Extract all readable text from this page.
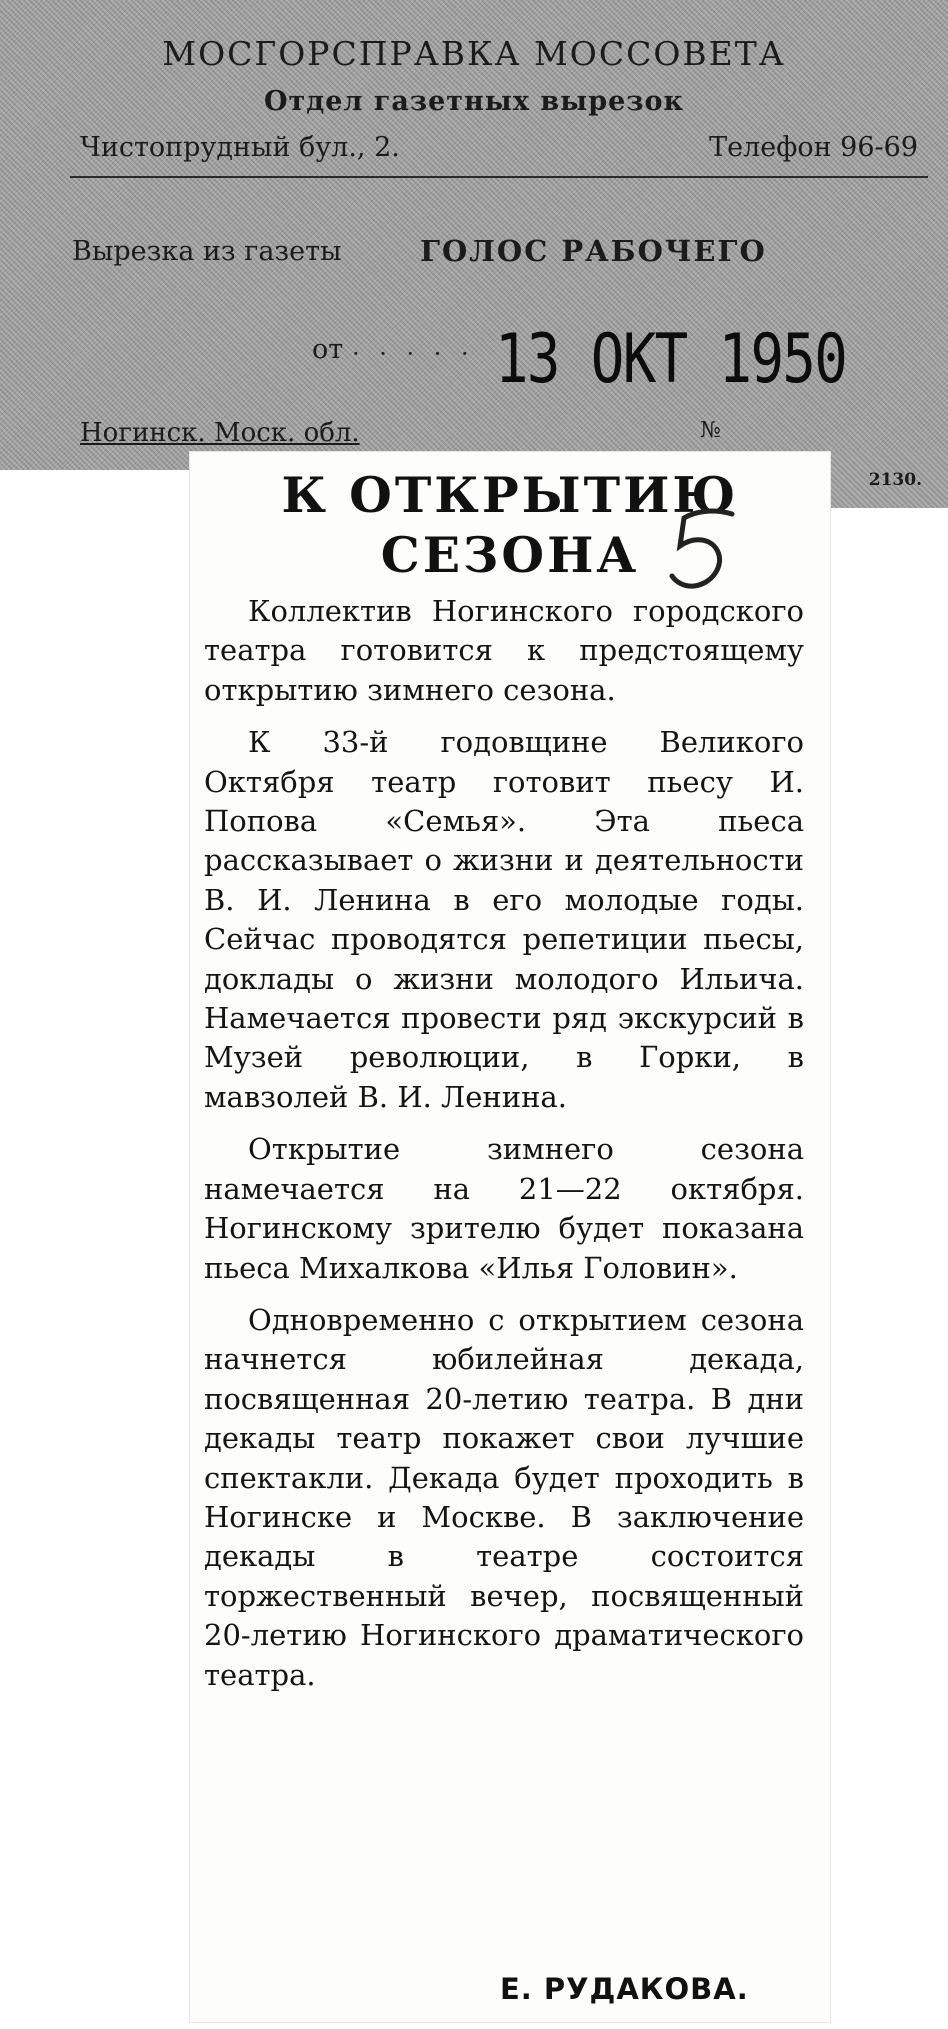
МОСГОРСПРАВКА МОССОВЕТА
Отдел газетных вырезок
Чистопрудный бул., 2.	Телефон 96-69
Вырезка из газеты	ГОЛОС РАБОЧЕГО
от · · · · · 13 ОКТ 1950
Ногинск. Моск. обл.	№
2130.
К ОТКРЫТИЮ
СЕЗОНА

Коллектив Ногинского городского театра готовится к предстоящему открытию зимнего сезона.

К 33-й годовщине Великого Октября театр готовит пьесу И. Попова «Семья». Эта пьеса рассказывает о жизни и деятельности В. И. Ленина в его молодые годы. Сейчас проводятся репетиции пьесы, доклады о жизни молодого Ильича. Намечается провести ряд экскурсий в Музей революции, в Горки, в мавзолей В. И. Ленина.

Открытие зимнего сезона намечается на 21—22 октября. Ногинскому зрителю будет показана пьеса Михалкова «Илья Головин».

Одновременно с открытием сезона начнется юбилейная декада, посвященная 20-летию театра. В дни декады театр покажет свои лучшие спектакли. Декада будет проходить в Ногинске и Москве. В заключение декады в театре состоится торжественный вечер, посвященный 20-летию Ногинского драматического театра.

Е. РУДАКОВА.
